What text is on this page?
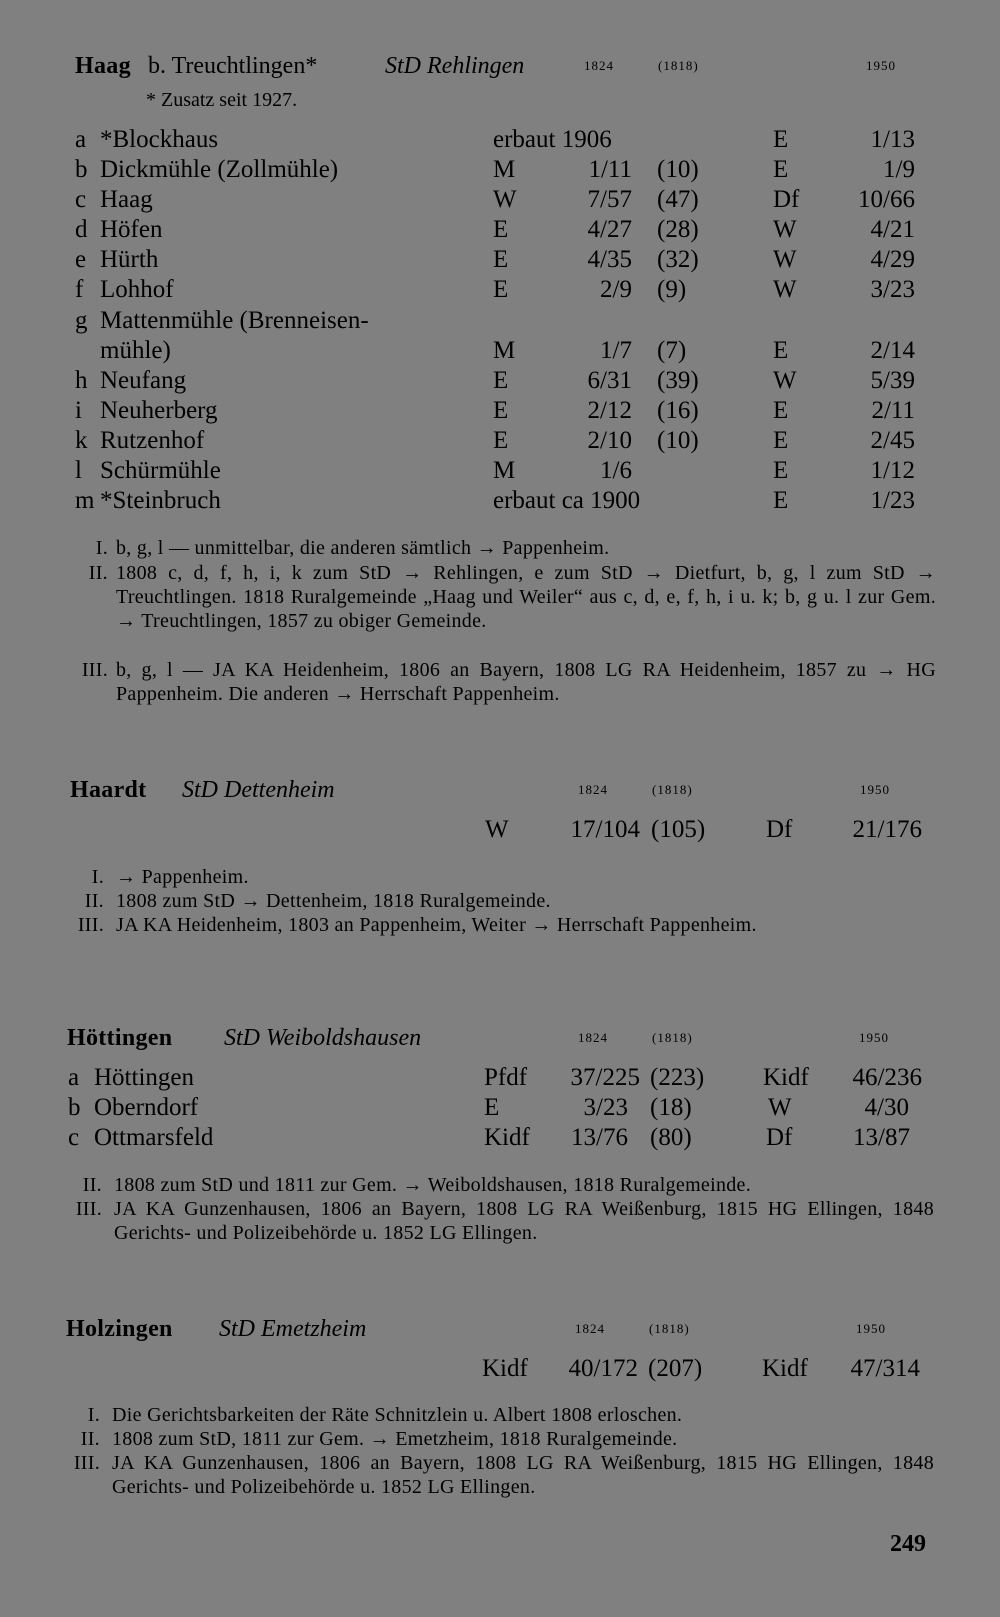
Haag b. Treuchtlingen*	StD Rehlingen	1824	(1818)	1950
* Zusatz seit 1927.
a *Blockhaus	erbaut 1906	E	1/13
b Dickmühle (Zollmühle)	M	1/11 (10)	E	1/9
c Haag	W	7/57 (47)	Df	10/66
d Höfen	E	4/27 (28)	W	4/21
e Hürth	E	4/35 (32)	W	4/29
f Lohhof	E	2/9 (9)	W	3/23
g Mattenmühle (Brenneisen-
mühle)	M	1/7 (7)	E	2/14
h Neufang	E	6/31 (39)	W	5/39
i Neuherberg	E	2/12 (16)	E	2/11
k Rutzenhof	E	2/10 (10)	E	2/45
l Schürmühle	M	1/6	E	1/12
m *Steinbruch	erbaut ca 1900	E	1/23
I. b, g, l — unmittelbar, die anderen sämtlich → Pappenheim.
II. 1808 c, d, f, h, i, k zum StD → Rehlingen, e zum StD → Dietfurt, b, g, l zum StD → Treuchtlingen. 1818 Ruralgemeinde „Haag und Weiler“ aus c, d, e, f, h, i u. k; b, g u. l zur Gem. → Treuchtlingen, 1857 zu obiger Gemeinde.
III. b, g, l — JA KA Heidenheim, 1806 an Bayern, 1808 LG RA Heidenheim, 1857 zu → HG Pappenheim. Die anderen → Herrschaft Pappenheim.
Haardt StD Dettenheim	1824	(1818)	1950
W	17/104 (105) Df	21/176
I. → Pappenheim.
II. 1808 zum StD → Dettenheim, 1818 Ruralgemeinde.
III. JA KA Heidenheim, 1803 an Pappenheim, Weiter → Herrschaft Pappenheim.
Höttingen StD Weiboldshausen	1824	(1818)	1950
a Höttingen	Pfdf	37/225 (223) Kidf	46/236
b Oberndorf	E	3/23 (18)	W	4/30
c Ottmarsfeld	Kidf	13/76 (80)	Df	13/87
II. 1808 zum StD und 1811 zur Gem. → Weiboldshausen, 1818 Ruralgemeinde.
III. JA KA Gunzenhausen, 1806 an Bayern, 1808 LG RA Weißenburg, 1815 HG Ellingen, 1848 Gerichts- und Polizeibehörde u. 1852 LG Ellingen.
Holzingen StD Emetzheim	1824	(1818)	1950
Kidf	40/172 (207) Kidf	47/314
I. Die Gerichtsbarkeiten der Räte Schnitzlein u. Albert 1808 erloschen.
II. 1808 zum StD, 1811 zur Gem. → Emetzheim, 1818 Ruralgemeinde.
III. JA KA Gunzenhausen, 1806 an Bayern, 1808 LG RA Weißenburg, 1815 HG Ellingen, 1848 Gerichts- und Polizeibehörde u. 1852 LG Ellingen.
249
